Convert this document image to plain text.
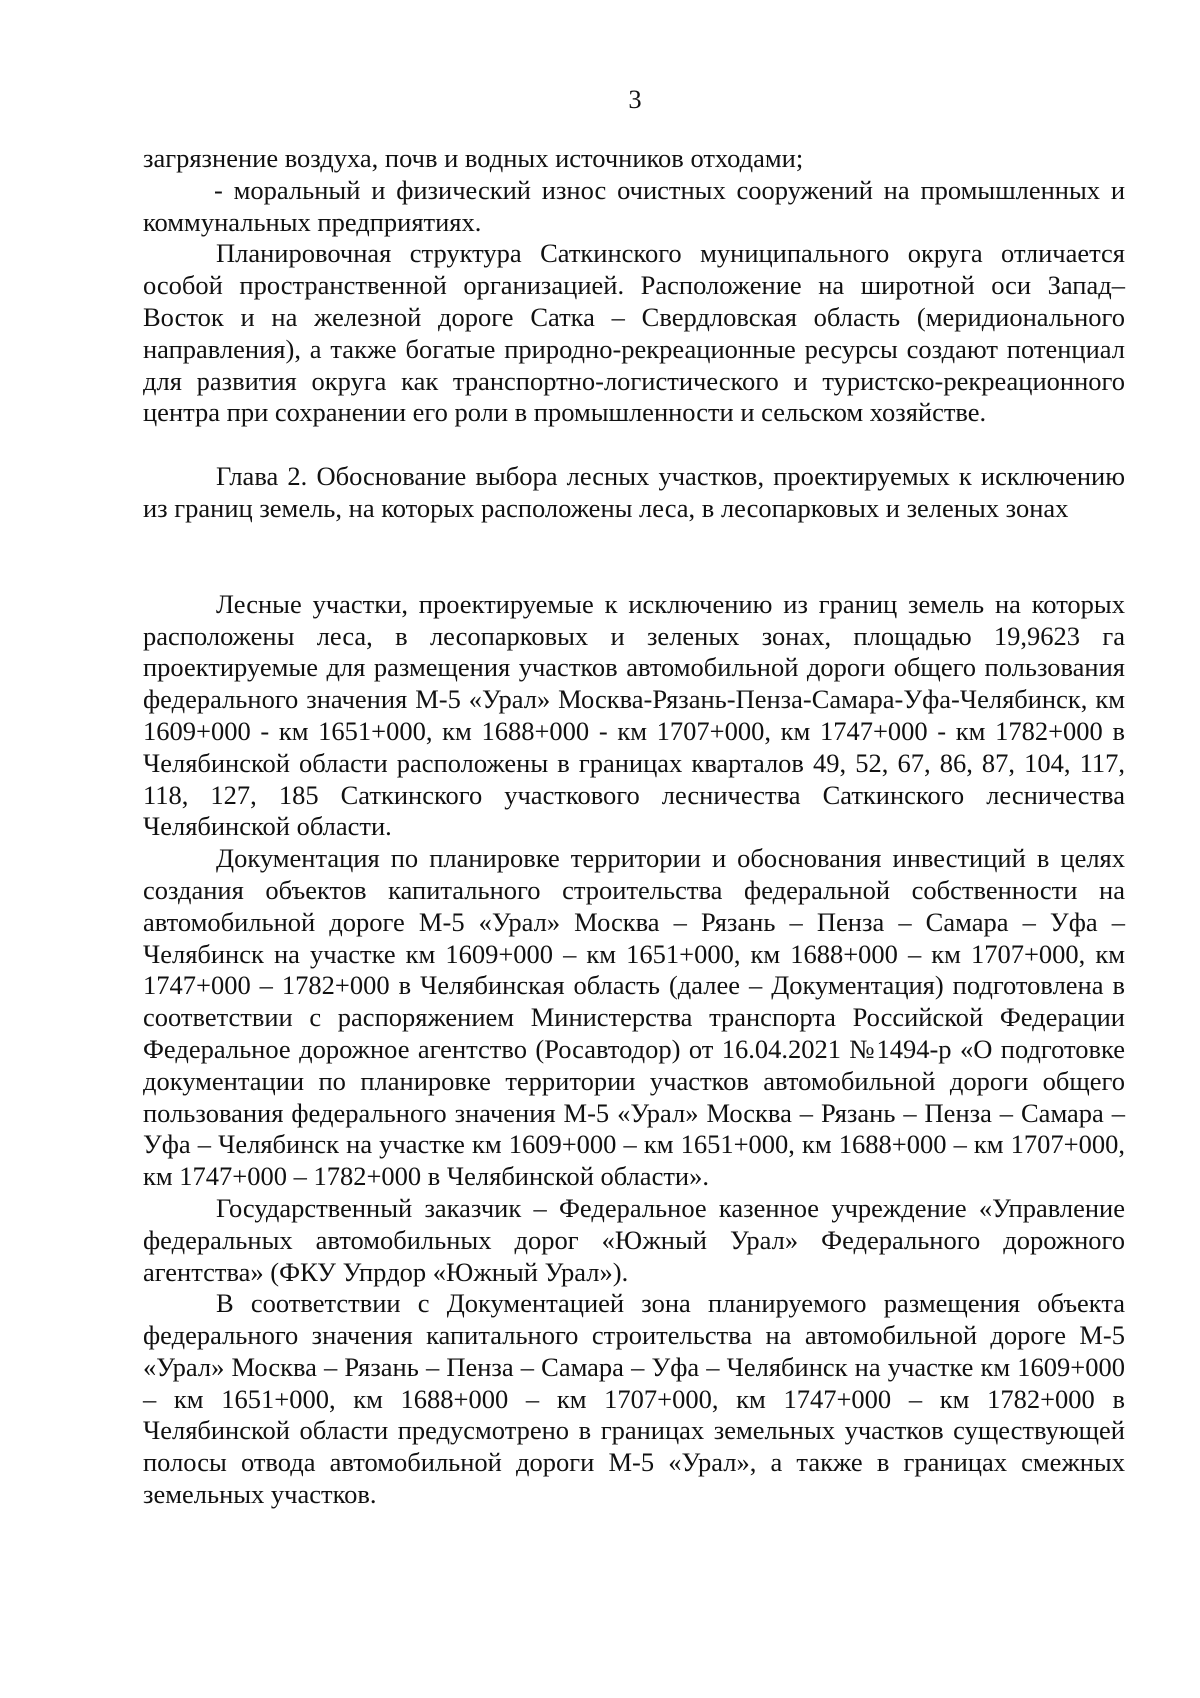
3

загрязнение воздуха, почв и водных источников отходами;

- моральный и физический износ очистных сооружений на промышленных и коммунальных предприятиях.

Планировочная структура Саткинского муниципального округа отличается особой пространственной организацией. Расположение на широтной оси Запад–Восток и на железной дороге Сатка – Свердловская область (меридионального направления), а также богатые природно-рекреационные ресурсы создают потенциал для развития округа как транспортно-логистического и туристско-рекреационного центра при сохранении его роли в промышленности и сельском хозяйстве.

Глава 2. Обоснование выбора лесных участков, проектируемых к исключению из границ земель, на которых расположены леса, в лесопарковых и зеленых зонах

Лесные участки, проектируемые к исключению из границ земель на которых расположены леса, в лесопарковых и зеленых зонах, площадью 19,9623 га проектируемые для размещения участков автомобильной дороги общего пользования федерального значения М-5 «Урал» Москва-Рязань-Пенза-Самара-Уфа-Челябинск, км 1609+000 - км 1651+000, км 1688+000 - км 1707+000, км 1747+000 - км 1782+000 в Челябинской области расположены в границах кварталов 49, 52, 67, 86, 87, 104, 117, 118, 127, 185 Саткинского участкового лесничества Саткинского лесничества Челябинской области.

Документация по планировке территории и обоснования инвестиций в целях создания объектов капитального строительства федеральной собственности на автомобильной дороге М-5 «Урал» Москва – Рязань – Пенза – Самара – Уфа –Челябинск на участке км 1609+000 – км 1651+000, км 1688+000 – км 1707+000, км 1747+000 – 1782+000 в Челябинская область (далее – Документация) подготовлена в соответствии с распоряжением Министерства транспорта Российской Федерации Федеральное дорожное агентство (Росавтодор) от 16.04.2021 №1494-р «О подготовке документации по планировке территории участков автомобильной дороги общего пользования федерального значения М-5 «Урал» Москва – Рязань – Пенза – Самара – Уфа – Челябинск на участке км 1609+000 – км 1651+000, км 1688+000 – км 1707+000, км 1747+000 – 1782+000 в Челябинской области».

Государственный заказчик – Федеральное казенное учреждение «Управление федеральных автомобильных дорог «Южный Урал» Федерального дорожного агентства» (ФКУ Упрдор «Южный Урал»).

В соответствии с Документацией зона планируемого размещения объекта федерального значения капитального строительства на автомобильной дороге М-5 «Урал» Москва – Рязань – Пенза – Самара – Уфа – Челябинск на участке км 1609+000 – км 1651+000, км 1688+000 – км 1707+000, км 1747+000 – км 1782+000 в Челябинской области предусмотрено в границах земельных участков существующей полосы отвода автомобильной дороги М-5 «Урал», а также в границах смежных земельных участков.
